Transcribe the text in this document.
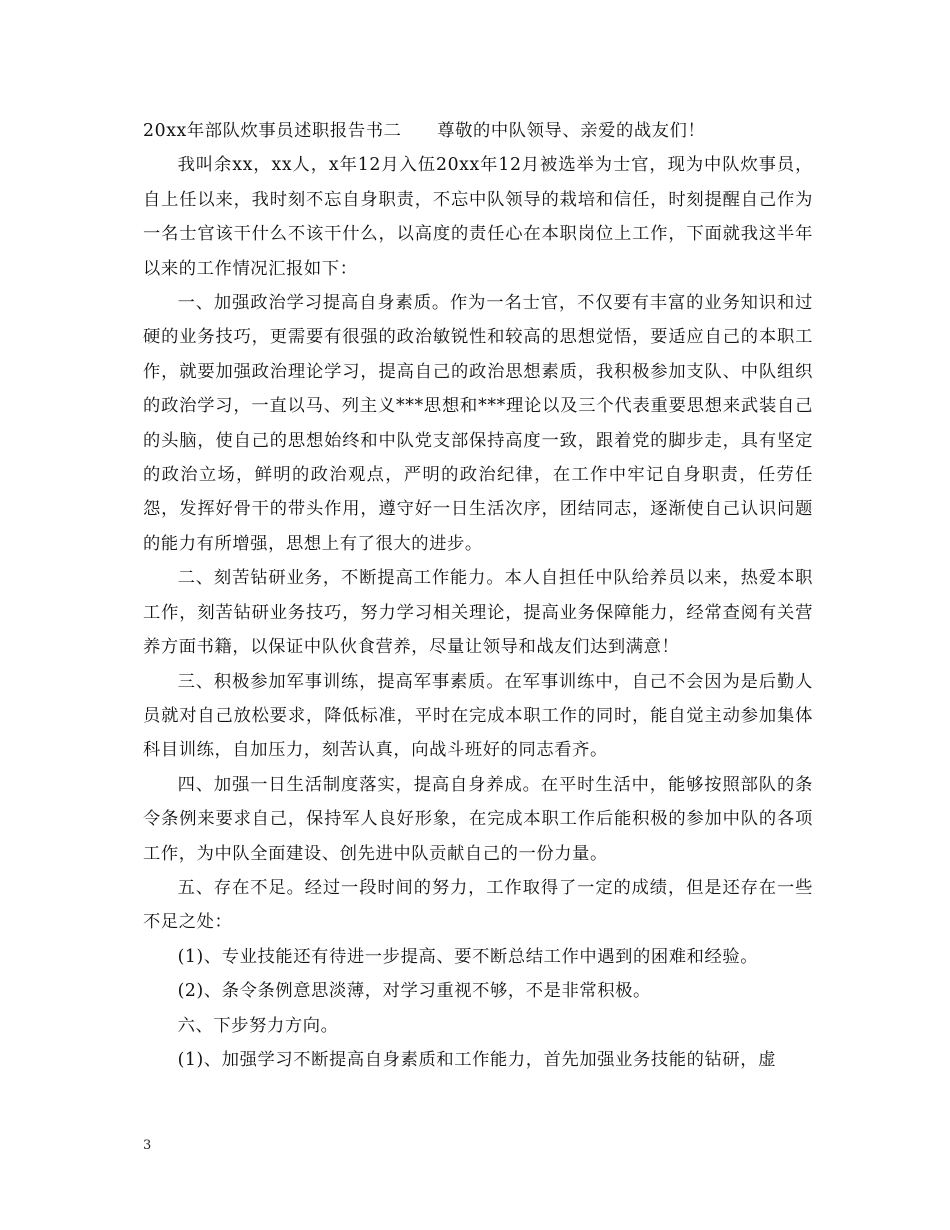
20xx年部队炊事员述职报告书二　　尊敬的中队领导、亲爱的战友们！

我叫余xx，xx人，x年12月入伍20xx年12月被选举为士官，现为中队炊事员，自上任以来，我时刻不忘自身职责，不忘中队领导的栽培和信任，时刻提醒自己作为一名士官该干什么不该干什么，以高度的责任心在本职岗位上工作，下面就我这半年以来的工作情况汇报如下：

一、加强政治学习提高自身素质。作为一名士官，不仅要有丰富的业务知识和过硬的业务技巧，更需要有很强的政治敏锐性和较高的思想觉悟，要适应自己的本职工作，就要加强政治理论学习，提高自己的政治思想素质，我积极参加支队、中队组织的政治学习，一直以马、列主义***思想和***理论以及三个代表重要思想来武装自己的头脑，使自己的思想始终和中队党支部保持高度一致，跟着党的脚步走，具有坚定的政治立场，鲜明的政治观点，严明的政治纪律，在工作中牢记自身职责，任劳任怨，发挥好骨干的带头作用，遵守好一日生活次序，团结同志，逐渐使自己认识问题的能力有所增强，思想上有了很大的进步。

二、刻苦钻研业务，不断提高工作能力。本人自担任中队给养员以来，热爱本职工作，刻苦钻研业务技巧，努力学习相关理论，提高业务保障能力，经常查阅有关营养方面书籍，以保证中队伙食营养，尽量让领导和战友们达到满意！

三、积极参加军事训练，提高军事素质。在军事训练中，自己不会因为是后勤人员就对自己放松要求，降低标准，平时在完成本职工作的同时，能自觉主动参加集体科目训练，自加压力，刻苦认真，向战斗班好的同志看齐。

四、加强一日生活制度落实，提高自身养成。在平时生活中，能够按照部队的条令条例来要求自己，保持军人良好形象，在完成本职工作后能积极的参加中队的各项工作，为中队全面建设、创先进中队贡献自己的一份力量。

五、存在不足。经过一段时间的努力，工作取得了一定的成绩，但是还存在一些不足之处：

(1)、专业技能还有待进一步提高、要不断总结工作中遇到的困难和经验。

(2)、条令条例意思淡薄，对学习重视不够，不是非常积极。

六、下步努力方向。

(1)、加强学习不断提高自身素质和工作能力，首先加强业务技能的钻研，虚

3
